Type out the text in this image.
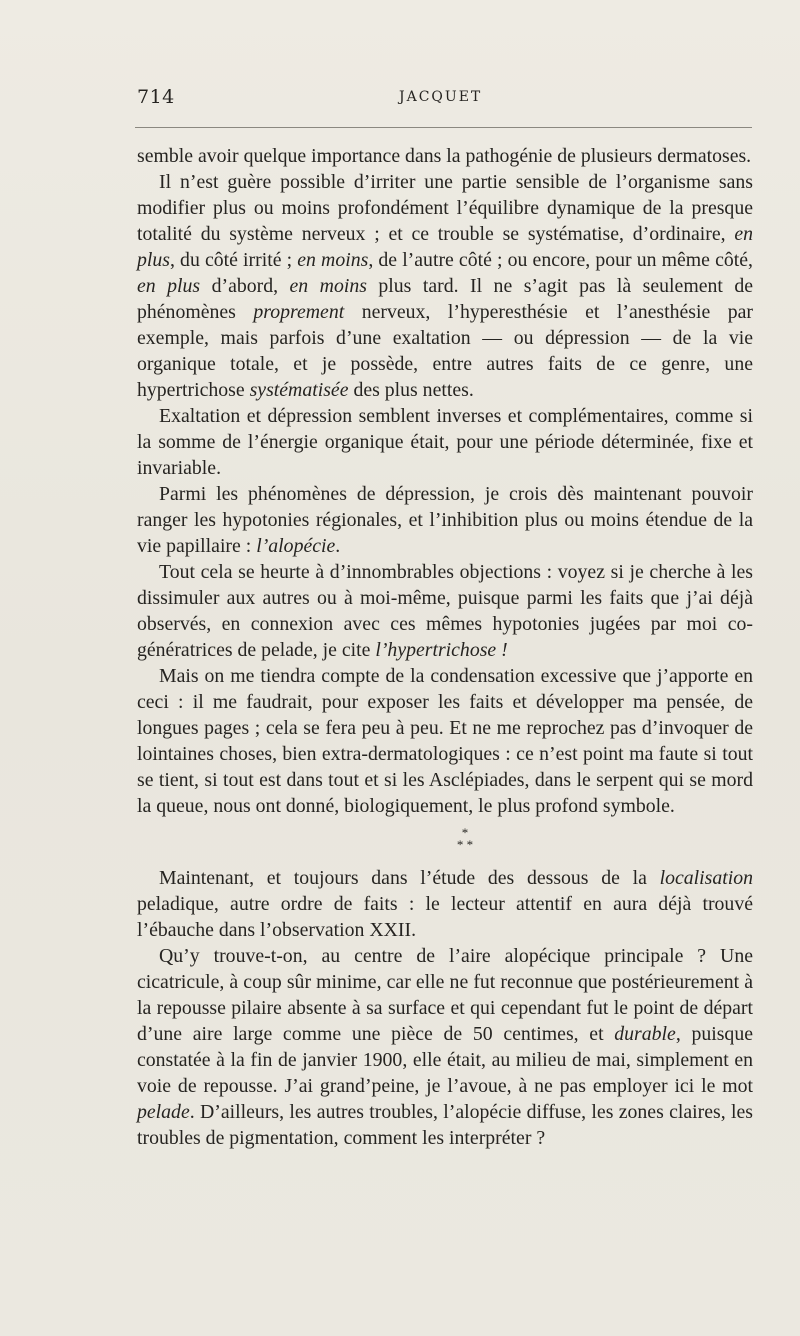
714	JACQUET

semble avoir quelque importance dans la pathogénie de plusieurs dermatoses.

Il n’est guère possible d’irriter une partie sensible de l’organisme sans modifier plus ou moins profondément l’équilibre dynamique de la presque totalité du système nerveux ; et ce trouble se systématise, d’ordinaire, en plus, du côté irrité ; en moins, de l’autre côté ; ou encore, pour un même côté, en plus d’abord, en moins plus tard. Il ne s’agit pas là seulement de phénomènes proprement nerveux, l’hyperesthésie et l’anesthésie par exemple, mais parfois d’une exaltation — ou dépression — de la vie organique totale, et je possède, entre autres faits de ce genre, une hypertrichose systématisée des plus nettes.

Exaltation et dépression semblent inverses et complémentaires, comme si la somme de l’énergie organique était, pour une période déterminée, fixe et invariable.

Parmi les phénomènes de dépression, je crois dès maintenant pouvoir ranger les hypotonies régionales, et l’inhibition plus ou moins étendue de la vie papillaire : l’alopécie.

Tout cela se heurte à d’innombrables objections : voyez si je cherche à les dissimuler aux autres ou à moi-même, puisque parmi les faits que j’ai déjà observés, en connexion avec ces mêmes hypotonies jugées par moi co-génératrices de pelade, je cite l’hypertrichose !

Mais on me tiendra compte de la condensation excessive que j’apporte en ceci : il me faudrait, pour exposer les faits et développer ma pensée, de longues pages ; cela se fera peu à peu. Et ne me reprochez pas d’invoquer de lointaines choses, bien extra-dermatologiques : ce n’est point ma faute si tout se tient, si tout est dans tout et si les Asclépiades, dans le serpent qui se mord la queue, nous ont donné, biologiquement, le plus profond symbole.

*
* *

Maintenant, et toujours dans l’étude des dessous de la localisation peladique, autre ordre de faits : le lecteur attentif en aura déjà trouvé l’ébauche dans l’observation XXII.

Qu’y trouve-t-on, au centre de l’aire alopécique principale ? Une cicatricule, à coup sûr minime, car elle ne fut reconnue que postérieurement à la repousse pilaire absente à sa surface et qui cependant fut le point de départ d’une aire large comme une pièce de 50 centimes, et durable, puisque constatée à la fin de janvier 1900, elle était, au milieu de mai, simplement en voie de repousse. J’ai grand’peine, je l’avoue, à ne pas employer ici le mot pelade. D’ailleurs, les autres troubles, l’alopécie diffuse, les zones claires, les troubles de pigmentation, comment les interpréter ?
